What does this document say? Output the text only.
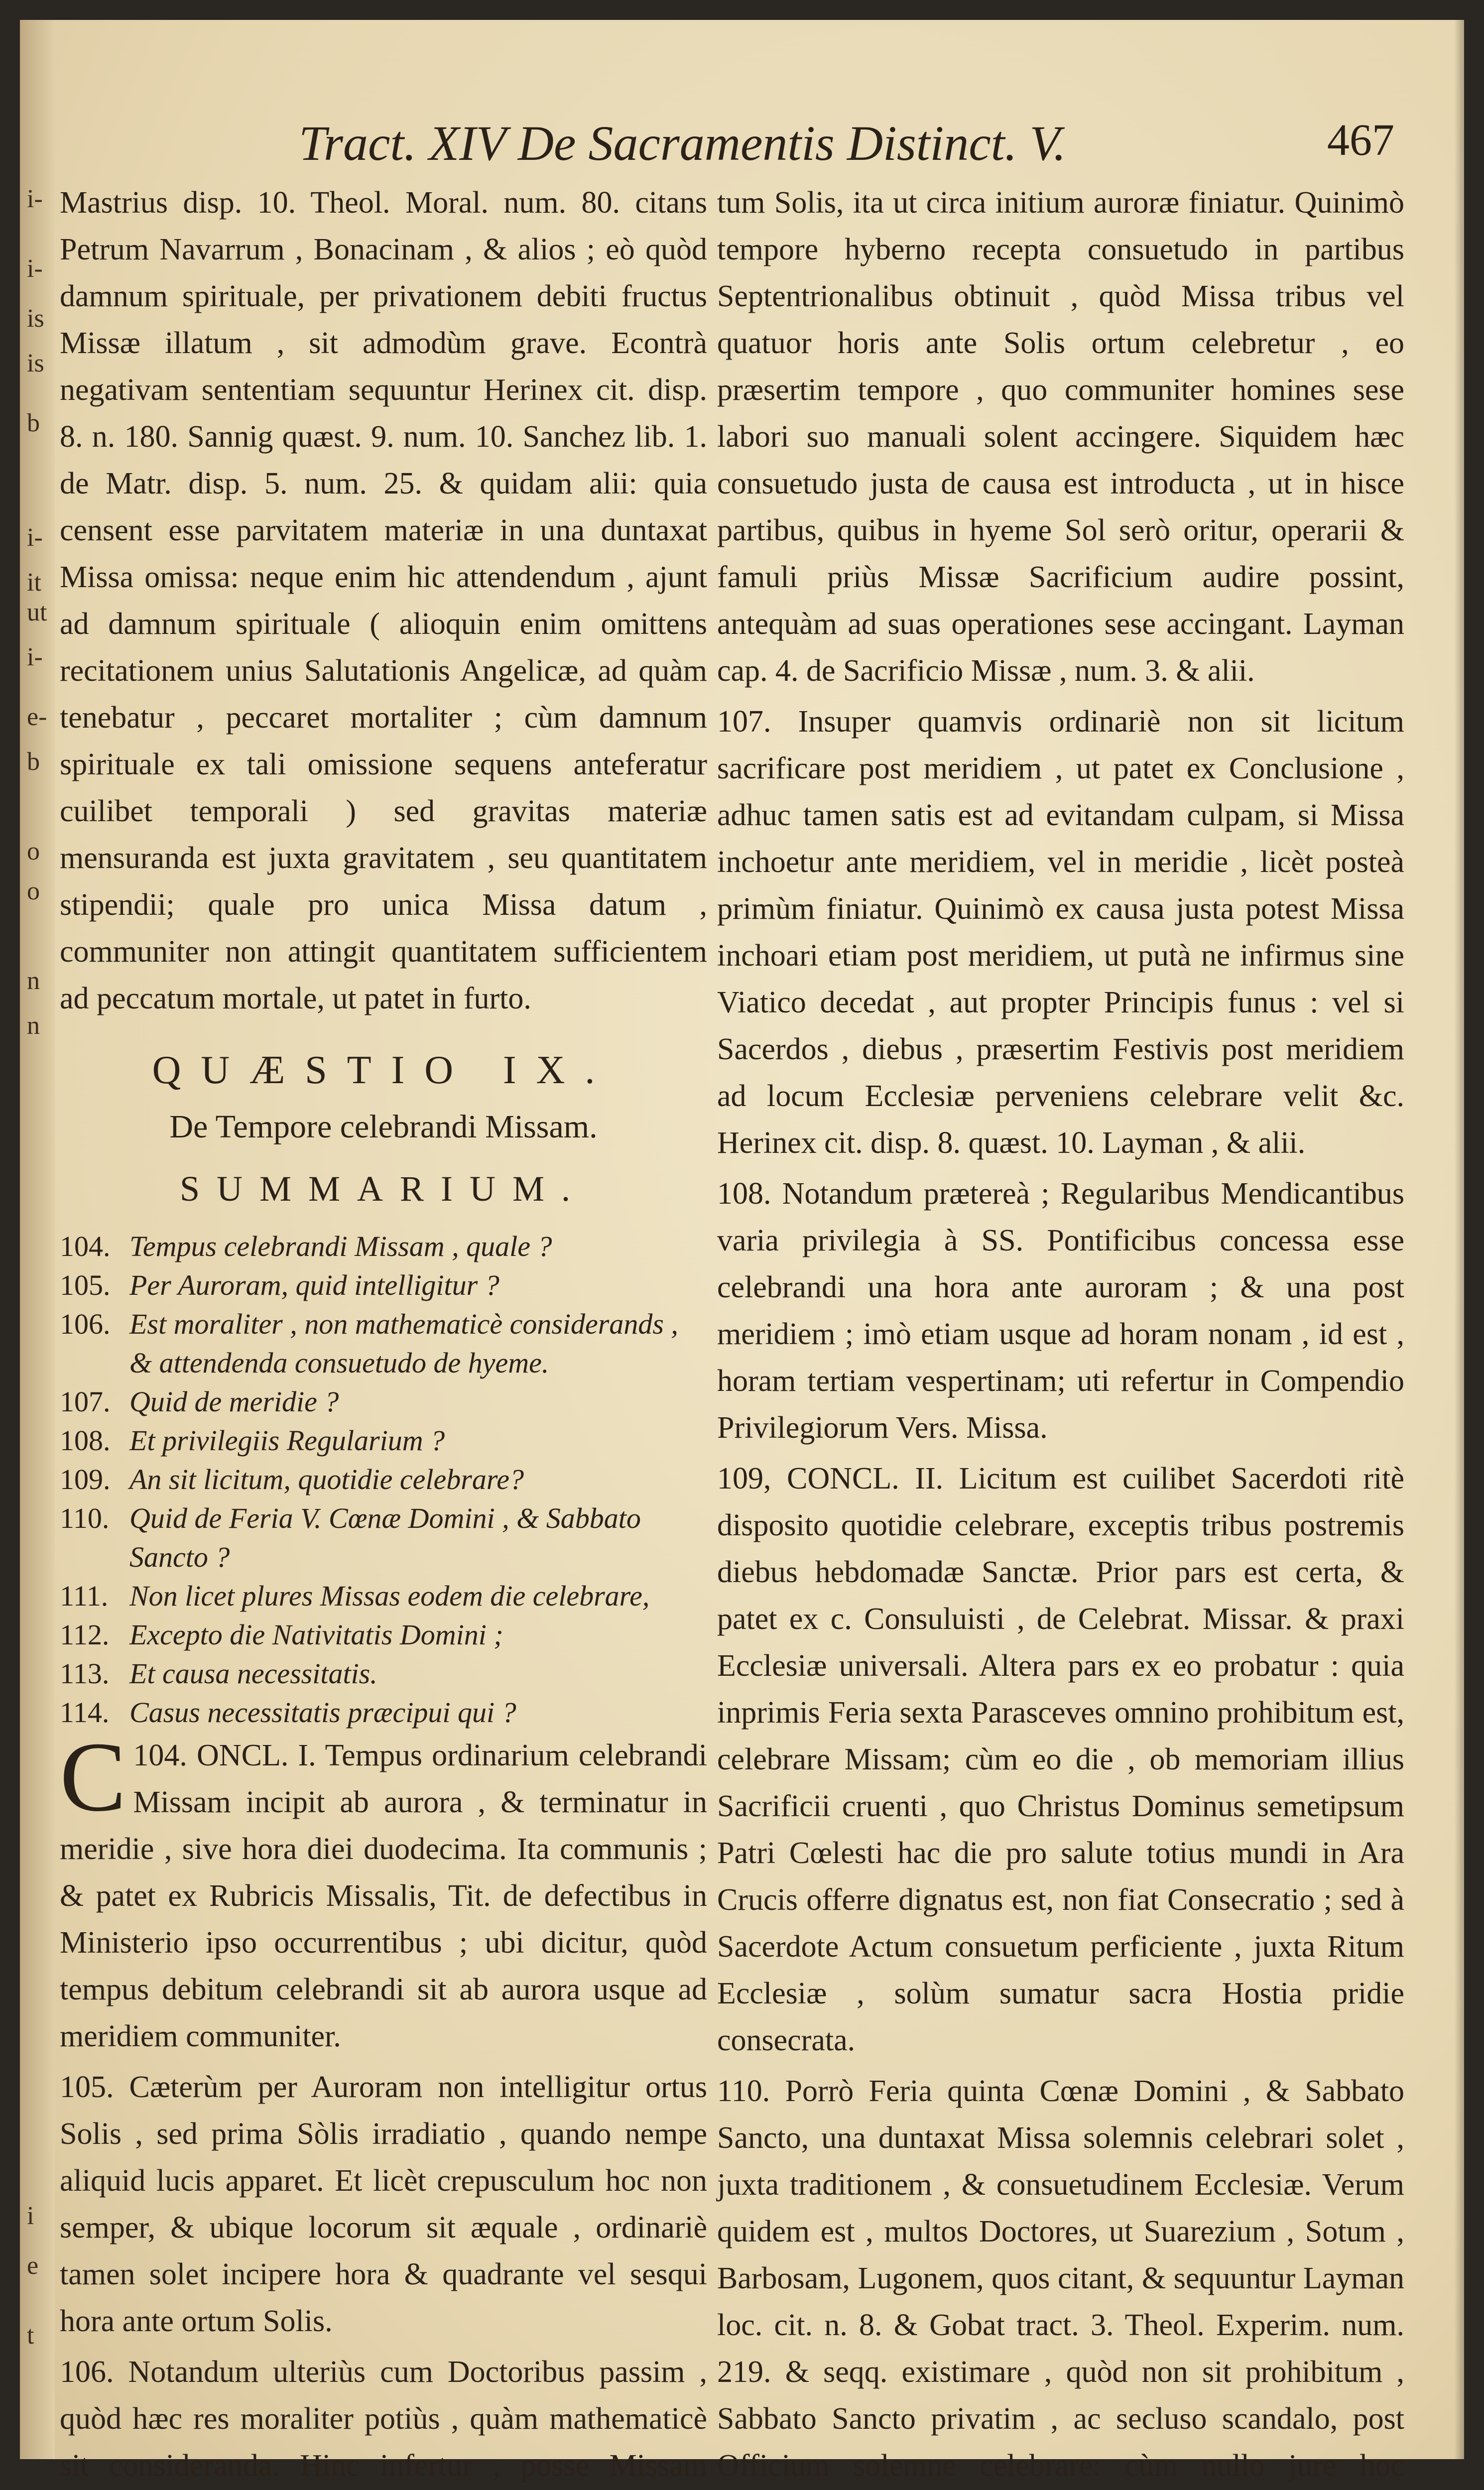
i-
i-
is
is
b
i-
it
ut
i-
e-
b
o
o
n
n
i
e
t
Tract. XIV De Sacramentis Distinct. V.	467

Mastrius disp. 10. Theol. Moral. num. 80. citans Petrum Navarrum , Bonacinam , & alios ; eò quòd damnum spirituale, per privationem debiti fructus Missæ illatum , sit admodùm grave. Econtrà negativam sententiam sequuntur Herinex cit. disp. 8. n. 180. Sannig quæst. 9. num. 10. Sanchez lib. 1. de Matr. disp. 5. num. 25. & quidam alii: quia censent esse parvitatem materiæ in una duntaxat Missa omissa: neque enim hic attendendum , ajunt ad damnum spirituale ( alioquin enim omittens recitationem unius Salutationis Angelicæ, ad quàm tenebatur , peccaret mortaliter ; cùm damnum spirituale ex tali omissione sequens anteferatur cuilibet temporali ) sed gravitas materiæ mensuranda est juxta gravitatem , seu quantitatem stipendii; quale pro unica Missa datum , communiter non attingit quantitatem sufficientem ad peccatum mortale, ut patet in furto.

QUÆSTIO IX.
De Tempore celebrandi Missam.
SUMMARIUM.
104. Tempus celebrandi Missam , quale ?
105. Per Auroram, quid intelligitur ?
106. Est moraliter , non mathematicè considerands , & attendenda consuetudo de hyeme.
107. Quid de meridie ?
108. Et privilegiis Regularium ?
109. An sit licitum, quotidie celebrare?
110. Quid de Feria V. Cœnæ Domini , & Sabbato Sancto ?
111. Non licet plures Missas eodem die celebrare,
112. Excepto die Nativitatis Domini ;
113. Et causa necessitatis.
114. Casus necessitatis præcipui qui ?

104.
C ONCL. I. Tempus ordinarium celebrandi Missam incipit ab aurora , & terminatur in meridie , sive hora diei duodecima. Ita communis ; & patet ex Rubricis Missalis, Tit. de defectibus in Ministerio ipso occurrentibus ; ubi dicitur, quòd tempus debitum celebrandi sit ab aurora usque ad meridiem communiter.

105. Cæterùm per Auroram non intelligitur ortus Solis , sed prima Sòlis irradiatio , quando nempe aliquid lucis apparet. Et licèt crepusculum hoc non semper, & ubique locorum sit æquale , ordinariè tamen solet incipere hora & quadrante vel sesqui hora ante ortum Solis.

106. Notandum ulteriùs cum Doctoribus passim , quòd hæc res moraliter potiùs , quàm mathematicè sit consideranda. Hinc infertur , posse Missam

tum Solis, ita ut circa initium auroræ finiatur. Quinimò tempore hyberno recepta consuetudo in partibus Septentrionalibus obtinuit , quòd Missa tribus vel quatuor horis ante Solis ortum celebretur , eo præsertim tempore , quo communiter homines sese labori suo manuali solent accingere. Siquidem hæc consuetudo justa de causa est introducta , ut in hisce partibus, quibus in hyeme Sol serò oritur, operarii & famuli priùs Missæ Sacrificium audire possint, antequàm ad suas operationes sese accingant. Layman cap. 4. de Sacrificio Missæ , num. 3. & alii.

107. Insuper quamvis ordinariè non sit licitum sacrificare post meridiem , ut patet ex Conclusione , adhuc tamen satis est ad evitandam culpam, si Missa inchoetur ante meridiem, vel in meridie , licèt posteà primùm finiatur. Quinimò ex causa justa potest Missa inchoari etiam post meridiem, ut putà ne infirmus sine Viatico decedat , aut propter Principis funus : vel si Sacerdos , diebus , præsertim Festivis post meridiem ad locum Ecclesiæ perveniens celebrare velit &c. Herinex cit. disp. 8. quæst. 10. Layman , & alii.

108. Notandum prætereà ; Regularibus Mendicantibus varia privilegia à SS. Pontificibus concessa esse celebrandi una hora ante auroram ; & una post meridiem ; imò etiam usque ad horam nonam , id est , horam tertiam vespertinam; uti refertur in Compendio Privilegiorum Vers. Missa.

109, CONCL. II. Licitum est cuilibet Sacerdoti ritè disposito quotidie celebrare, exceptis tribus postremis diebus hebdomadæ Sanctæ. Prior pars est certa, & patet ex c. Consuluisti , de Celebrat. Missar. & praxi Ecclesiæ universali. Altera pars ex eo probatur : quia inprimis Feria sexta Parasceves omnino prohibitum est, celebrare Missam; cùm eo die , ob memoriam illius Sacrificii cruenti , quo Christus Dominus semetipsum Patri Cœlesti hac die pro salute totius mundi in Ara Crucis offerre dignatus est, non fiat Consecratio ; sed à Sacerdote Actum consuetum perficiente , juxta Ritum Ecclesiæ , solùm sumatur sacra Hostia pridie consecrata.

110. Porrò Feria quinta Cœnæ Domini , & Sabbato Sancto, una duntaxat Missa solemnis celebrari solet , juxta traditionem , & consuetudinem Ecclesiæ. Verum quidem est , multos Doctores, ut Suarezium , Sotum , Barbosam, Lugonem, quos citant, & sequuntur Layman loc. cit. n. 8. & Gobat tract. 3. Theol. Experim. num. 219. & seqq. existimare , quòd non sit prohibitum , Sabbato Sancto privatim , ac secluso scandalo, post Officium solemne celebrare: cùm nullo jure hoc
